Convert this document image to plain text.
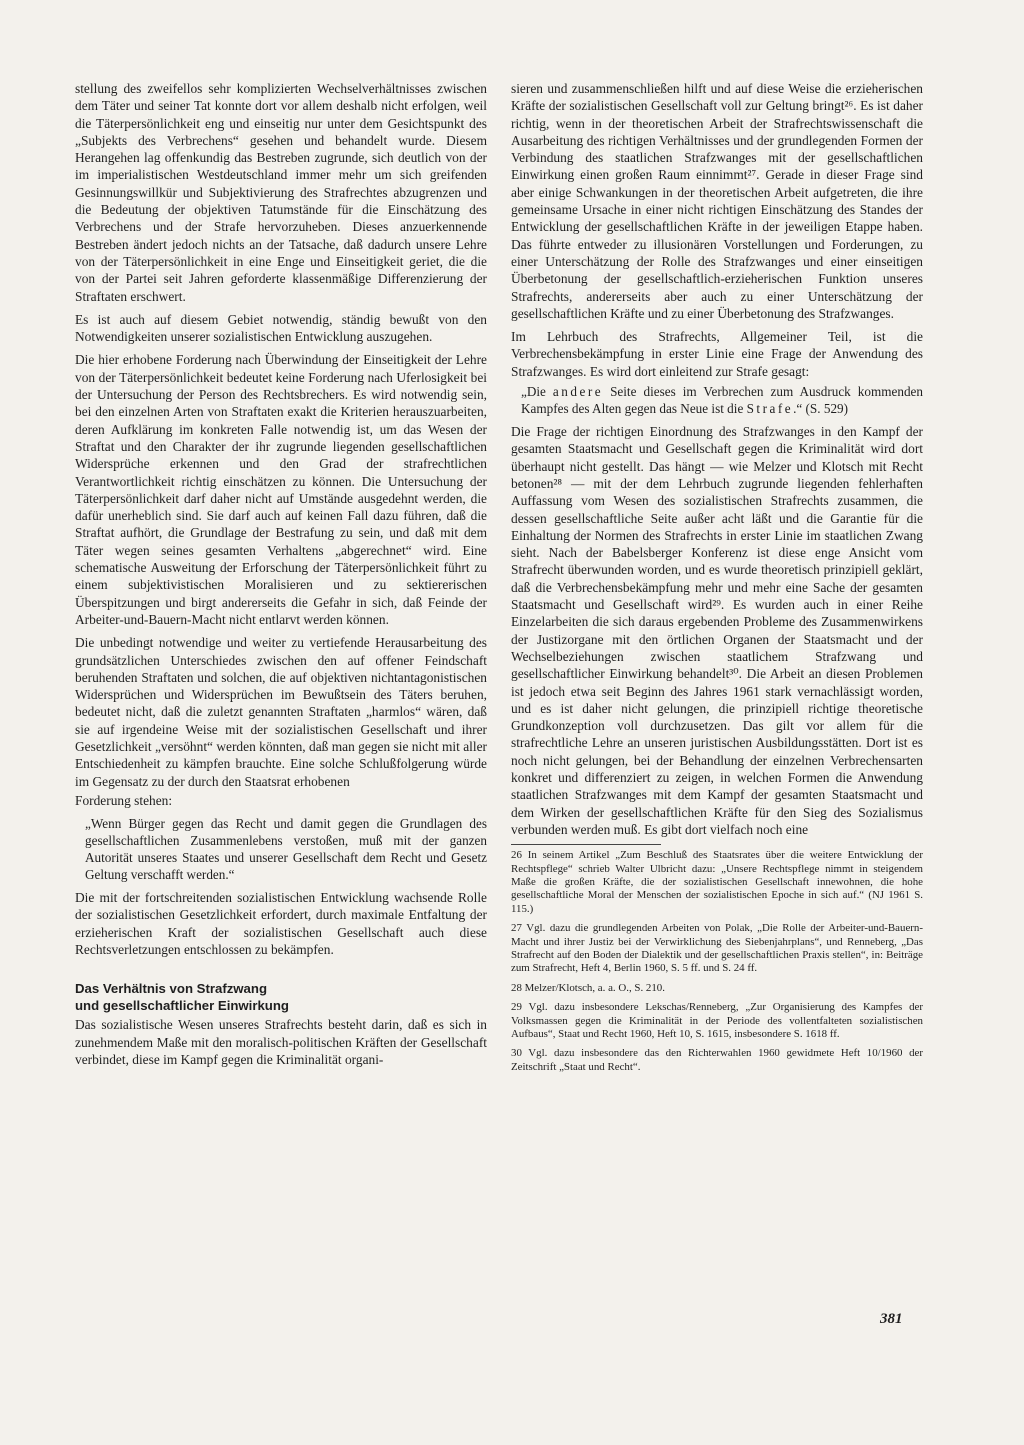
stellung des zweifellos sehr komplizierten Wechselverhältnisses zwischen dem Täter und seiner Tat konnte dort vor allem deshalb nicht erfolgen, weil die Täterpersönlichkeit eng und einseitig nur unter dem Gesichtspunkt des „Subjekts des Verbrechens“ gesehen und behandelt wurde. Diesem Herangehen lag offenkundig das Bestreben zugrunde, sich deutlich von der im imperialistischen Westdeutschland immer mehr um sich greifenden Gesinnungswillkür und Subjektivierung des Strafrechtes abzugrenzen und die Bedeutung der objektiven Tatumstände für die Einschätzung des Verbrechens und der Strafe hervorzuheben. Dieses anzuerkennende Bestreben ändert jedoch nichts an der Tatsache, daß dadurch unsere Lehre von der Täterpersönlichkeit in eine Enge und Einseitigkeit geriet, die die von der Partei seit Jahren geforderte klassenmäßige Differenzierung der Straftaten erschwert.

Es ist auch auf diesem Gebiet notwendig, ständig bewußt von den Notwendigkeiten unserer sozialistischen Entwicklung auszugehen.

Die hier erhobene Forderung nach Überwindung der Einseitigkeit der Lehre von der Täterpersönlichkeit bedeutet keine Forderung nach Uferlosigkeit bei der Untersuchung der Person des Rechtsbrechers. Es wird notwendig sein, bei den einzelnen Arten von Straftaten exakt die Kriterien herauszuarbeiten, deren Aufklärung im konkreten Falle notwendig ist, um das Wesen der Straftat und den Charakter der ihr zugrunde liegenden gesellschaftlichen Widersprüche erkennen und den Grad der strafrechtlichen Verantwortlichkeit richtig einschätzen zu können. Die Untersuchung der Täterpersönlichkeit darf daher nicht auf Umstände ausgedehnt werden, die dafür unerheblich sind. Sie darf auch auf keinen Fall dazu führen, daß die Straftat aufhört, die Grundlage der Bestrafung zu sein, und daß mit dem Täter wegen seines gesamten Verhaltens „abgerechnet“ wird. Eine schematische Ausweitung der Erforschung der Täterpersönlichkeit führt zu einem subjektivistischen Moralisieren und zu sektiererischen Überspitzungen und birgt andererseits die Gefahr in sich, daß Feinde der Arbeiter-und-Bauern-Macht nicht entlarvt werden können.

Die unbedingt notwendige und weiter zu vertiefende Herausarbeitung des grundsätzlichen Unterschiedes zwischen den auf offener Feindschaft beruhenden Straftaten und solchen, die auf objektiven nichtantagonistischen Widersprüchen und Widersprüchen im Bewußtsein des Täters beruhen, bedeutet nicht, daß die zuletzt genannten Straftaten „harmlos“ wären, daß sie auf irgendeine Weise mit der sozialistischen Gesellschaft und ihrer Gesetzlichkeit „versöhnt“ werden könnten, daß man gegen sie nicht mit aller Entschiedenheit zu kämpfen brauchte. Eine solche Schlußfolgerung würde im Gegensatz zu der durch den Staatsrat erhobenen

Forderung stehen:

„Wenn Bürger gegen das Recht und damit gegen die Grundlagen des gesellschaftlichen Zusammenlebens verstoßen, muß mit der ganzen Autorität unseres Staates und unserer Gesellschaft dem Recht und Gesetz Geltung verschafft werden.“

Die mit der fortschreitenden sozialistischen Entwicklung wachsende Rolle der sozialistischen Gesetzlichkeit erfordert, durch maximale Entfaltung der erzieherischen Kraft der sozialistischen Gesellschaft auch diese Rechtsverletzungen entschlossen zu bekämpfen.

Das Verhältnis von Strafzwang
und gesellschaftlicher Einwirkung

Das sozialistische Wesen unseres Strafrechts besteht darin, daß es sich in zunehmendem Maße mit den moralisch-politischen Kräften der Gesellschaft verbindet, diese im Kampf gegen die Kriminalität organi-

sieren und zusammenschließen hilft und auf diese Weise die erzieherischen Kräfte der sozialistischen Gesellschaft voll zur Geltung bringt²⁶. Es ist daher richtig, wenn in der theoretischen Arbeit der Strafrechtswissenschaft die Ausarbeitung des richtigen Verhältnisses und der grundlegenden Formen der Verbindung des staatlichen Strafzwanges mit der gesellschaftlichen Einwirkung einen großen Raum einnimmt²⁷. Gerade in dieser Frage sind aber einige Schwankungen in der theoretischen Arbeit aufgetreten, die ihre gemeinsame Ursache in einer nicht richtigen Einschätzung des Standes der Entwicklung der gesellschaftlichen Kräfte in der jeweiligen Etappe haben. Das führte entweder zu illusionären Vorstellungen und Forderungen, zu einer Unterschätzung der Rolle des Strafzwanges und einer einseitigen Überbetonung der gesellschaftlich-erzieherischen Funktion unseres Strafrechts, andererseits aber auch zu einer Unterschätzung der gesellschaftlichen Kräfte und zu einer Überbetonung des Strafzwanges.

Im Lehrbuch des Strafrechts, Allgemeiner Teil, ist die Verbrechensbekämpfung in erster Linie eine Frage der Anwendung des Strafzwanges. Es wird dort einleitend zur Strafe gesagt:

„Die andere Seite dieses im Verbrechen zum Ausdruck kommenden Kampfes des Alten gegen das Neue ist die Strafe.“ (S. 529)

Die Frage der richtigen Einordnung des Strafzwanges in den Kampf der gesamten Staatsmacht und Gesellschaft gegen die Kriminalität wird dort überhaupt nicht gestellt. Das hängt — wie Melzer und Klotsch mit Recht betonen²⁸ — mit der dem Lehrbuch zugrunde liegenden fehlerhaften Auffassung vom Wesen des sozialistischen Strafrechts zusammen, die dessen gesellschaftliche Seite außer acht läßt und die Garantie für die Einhaltung der Normen des Strafrechts in erster Linie im staatlichen Zwang sieht. Nach der Babelsberger Konferenz ist diese enge Ansicht vom Strafrecht überwunden worden, und es wurde theoretisch prinzipiell geklärt, daß die Verbrechensbekämpfung mehr und mehr eine Sache der gesamten Staatsmacht und Gesellschaft wird²⁹. Es wurden auch in einer Reihe Einzelarbeiten die sich daraus ergebenden Probleme des Zusammenwirkens der Justizorgane mit den örtlichen Organen der Staatsmacht und der Wechselbeziehungen zwischen staatlichem Strafzwang und gesellschaftlicher Einwirkung behandelt³⁰. Die Arbeit an diesen Problemen ist jedoch etwa seit Beginn des Jahres 1961 stark vernachlässigt worden, und es ist daher nicht gelungen, die prinzipiell richtige theoretische Grundkonzeption voll durchzusetzen. Das gilt vor allem für die strafrechtliche Lehre an unseren juristischen Ausbildungsstätten. Dort ist es noch nicht gelungen, bei der Behandlung der einzelnen Verbrechensarten konkret und differenziert zu zeigen, in welchen Formen die Anwendung staatlichen Strafzwanges mit dem Kampf der gesamten Staatsmacht und dem Wirken der gesellschaftlichen Kräfte für den Sieg des Sozialismus verbunden werden muß. Es gibt dort vielfach noch eine

26 In seinem Artikel „Zum Beschluß des Staatsrates über die weitere Entwicklung der Rechtspflege“ schrieb Walter Ulbricht dazu: „Unsere Rechtspflege nimmt in steigendem Maße die großen Kräfte, die der sozialistischen Gesellschaft innewohnen, die hohe gesellschaftliche Moral der Menschen der sozialistischen Epoche in sich auf.“ (NJ 1961 S. 115.)

27 Vgl. dazu die grundlegenden Arbeiten von Polak, „Die Rolle der Arbeiter-und-Bauern-Macht und ihrer Justiz bei der Verwirklichung des Siebenjahrplans“, und Renneberg, „Das Strafrecht auf den Boden der Dialektik und der gesellschaftlichen Praxis stellen“, in: Beiträge zum Strafrecht, Heft 4, Berlin 1960, S. 5 ff. und S. 24 ff.

28 Melzer/Klotsch, a. a. O., S. 210.

29 Vgl. dazu insbesondere Lekschas/Renneberg, „Zur Organisierung des Kampfes der Volksmassen gegen die Kriminalität in der Periode des vollentfalteten sozialistischen Aufbaus“, Staat und Recht 1960, Heft 10, S. 1615, insbesondere S. 1618 ff.

30 Vgl. dazu insbesondere das den Richterwahlen 1960 gewidmete Heft 10/1960 der Zeitschrift „Staat und Recht“.

381
